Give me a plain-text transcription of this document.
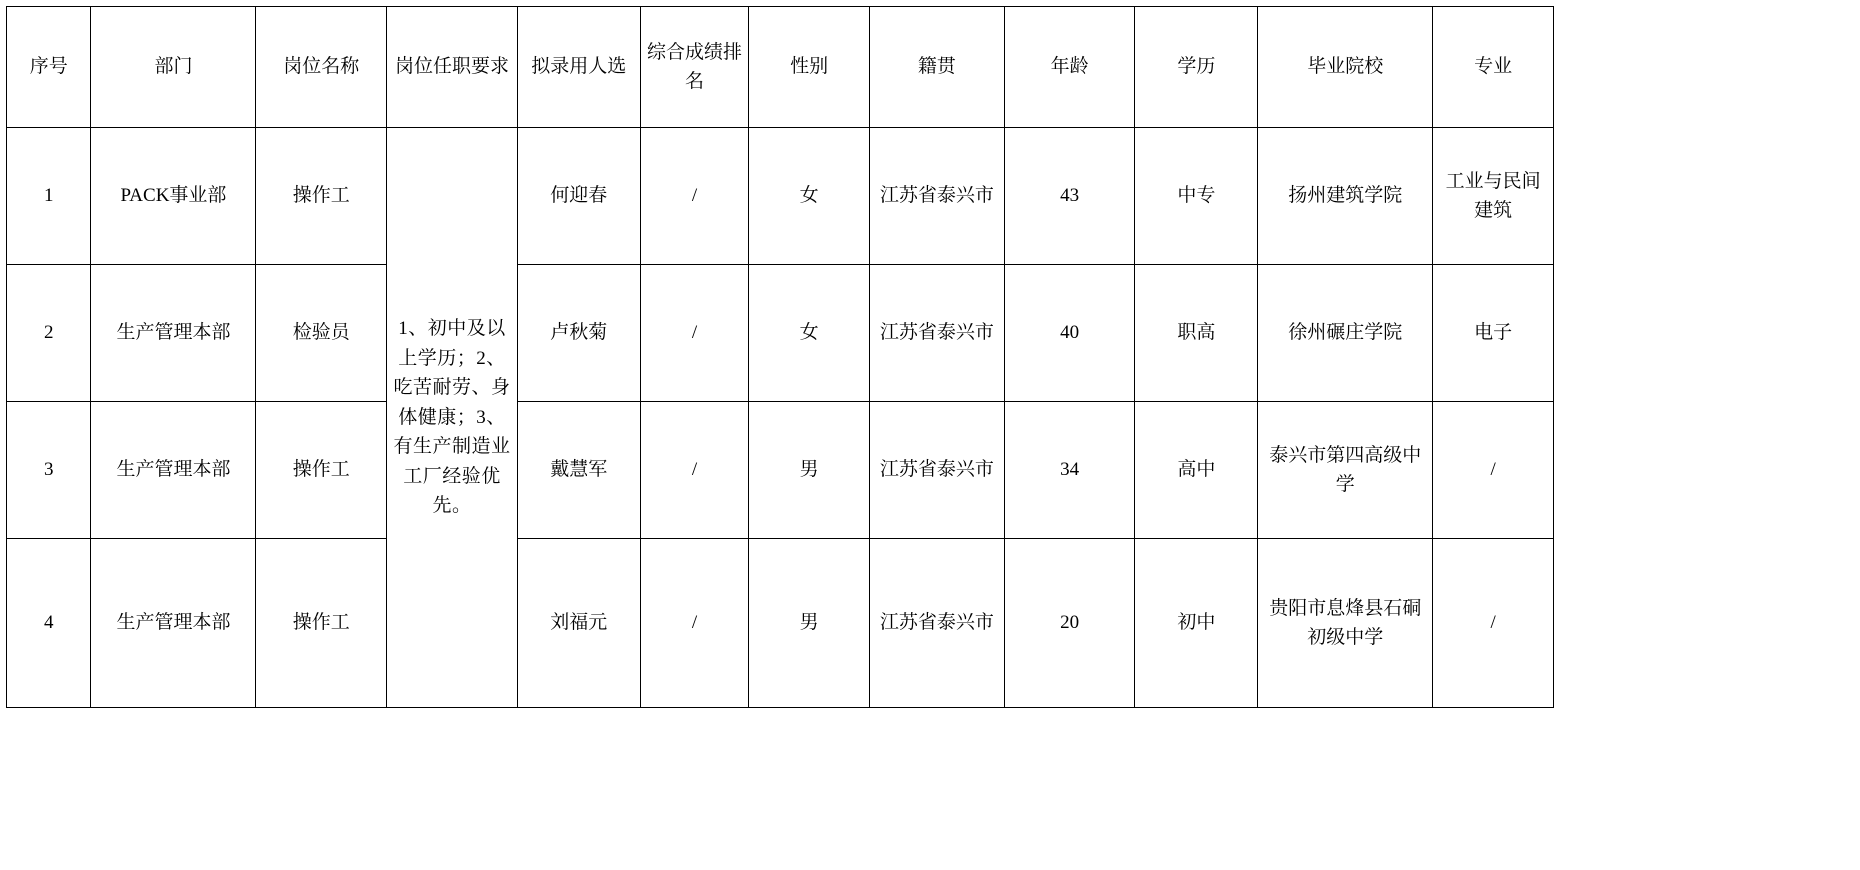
序号	部门	岗位名称	岗位任职要求	拟录用人选	综合成绩排名	性别	籍贯	年龄	学历	毕业院校	专业
1	PACK事业部	操作工	1、初中及以上学历；2、吃苦耐劳、身体健康；3、有生产制造业工厂经验优先。	何迎春	/	女	江苏省泰兴市	43	中专	扬州建筑学院	工业与民间建筑
2	生产管理本部	检验员		卢秋菊	/	女	江苏省泰兴市	40	职高	徐州碾庄学院	电子
3	生产管理本部	操作工		戴慧军	/	男	江苏省泰兴市	34	高中	泰兴市第四高级中学	/
4	生产管理本部	操作工		刘福元	/	男	江苏省泰兴市	20	初中	贵阳市息烽县石硐初级中学	/
